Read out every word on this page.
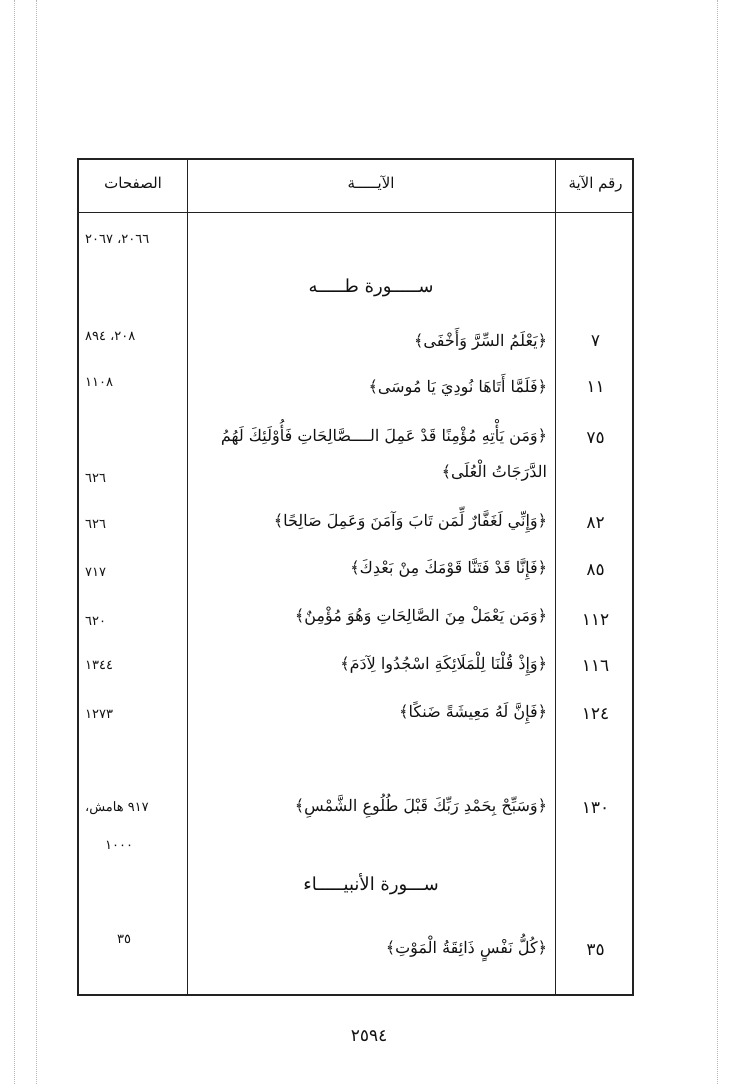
الصفحات	الآيـــــة	رقم الآية
٢٠٦٦، ٢٠٦٧
ســـــورة طـــــه
٧
﴿يَعْلَمُ السِّرَّ وَأَخْفَى﴾
٢٠٨، ٨٩٤
١١
﴿فَلَمَّا أَتَاهَا نُودِيَ يَا مُوسَى﴾
١١٠٨
٧٥
﴿وَمَن يَأْتِهِ مُؤْمِنًا قَدْ عَمِلَ الــــصَّالِحَاتِ فَأُوْلَئِكَ لَهُمُ
الدَّرَجَاتُ الْعُلَى﴾
٦٢٦
٨٢
﴿وَإِنِّي لَغَفَّارٌ لِّمَن تَابَ وَآمَنَ وَعَمِلَ صَالِحًا﴾
٦٢٦
٨٥
﴿فَإِنَّا قَدْ فَتَنَّا قَوْمَكَ مِنْ بَعْدِكَ﴾
٧١٧
١١٢
﴿وَمَن يَعْمَلْ مِنَ الصَّالِحَاتِ وَهُوَ مُؤْمِنٌ﴾
٦٢٠
١١٦
﴿وَإِذْ قُلْنَا لِلْمَلَائِكَةِ اسْجُدُوا لِآدَمَ﴾
١٣٤٤
١٢٤
﴿فَإِنَّ لَهُ مَعِيشَةً ضَنكًا﴾
١٢٧٣
١٣٠
﴿وَسَبِّحْ بِحَمْدِ رَبِّكَ قَبْلَ طُلُوعِ الشَّمْسِ﴾
٩١٧ هامش،
١٠٠٠
ســـورة الأنبيـــــاء
٣٥
﴿كُلُّ نَفْسٍ ذَائِقَةُ الْمَوْتِ﴾
٣٥
٢٥٩٤
